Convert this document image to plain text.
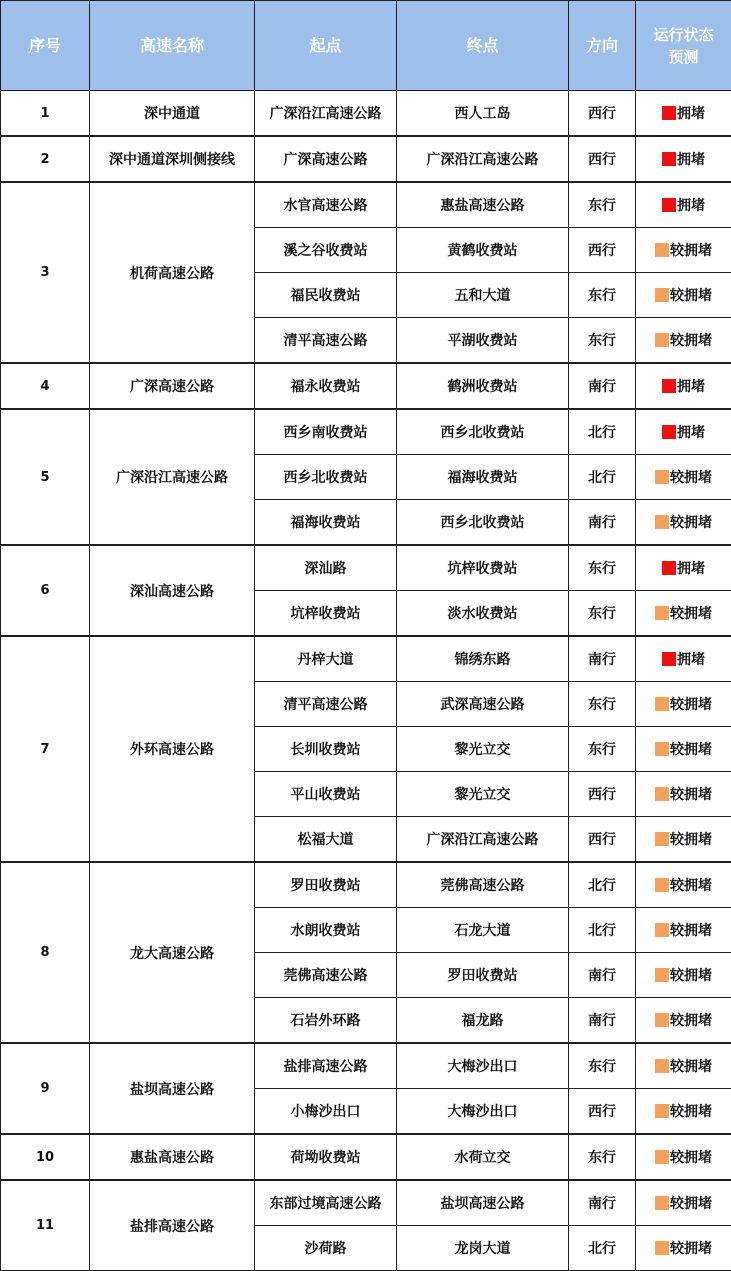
序号	高速名称	起点	终点	方向	运行状态
预测
1	深中通道	广深沿江高速公路	西人工岛	西行	拥堵

2	深中通道深圳侧接线	广深高速公路	广深沿江高速公路	西行	拥堵

3	机荷高速公路	水官高速公路	惠盐高速公路	东行	拥堵

		溪之谷收费站	黄鹤收费站	西行	较拥堵

		福民收费站	五和大道	东行	较拥堵

		清平高速公路	平湖收费站	东行	较拥堵

4	广深高速公路	福永收费站	鹤洲收费站	南行	拥堵

5	广深沿江高速公路	西乡南收费站	西乡北收费站	北行	拥堵

		西乡北收费站	福海收费站	北行	较拥堵

		福海收费站	西乡北收费站	南行	较拥堵

6	深汕高速公路	深汕路	坑梓收费站	东行	拥堵

		坑梓收费站	淡水收费站	东行	较拥堵

7	外环高速公路	丹梓大道	锦绣东路	南行	拥堵

		清平高速公路	武深高速公路	东行	较拥堵

		长圳收费站	黎光立交	东行	较拥堵

		平山收费站	黎光立交	西行	较拥堵

		松福大道	广深沿江高速公路	西行	较拥堵

8	龙大高速公路	罗田收费站	莞佛高速公路	北行	较拥堵

		水朗收费站	石龙大道	北行	较拥堵

		莞佛高速公路	罗田收费站	南行	较拥堵

		石岩外环路	福龙路	南行	较拥堵

9	盐坝高速公路	盐排高速公路	大梅沙出口	东行	较拥堵

		小梅沙出口	大梅沙出口	西行	较拥堵

10	惠盐高速公路	荷坳收费站	水荷立交	东行	较拥堵

11	盐排高速公路	东部过境高速公路	盐坝高速公路	南行	较拥堵

		沙荷路	龙岗大道	北行	较拥堵
